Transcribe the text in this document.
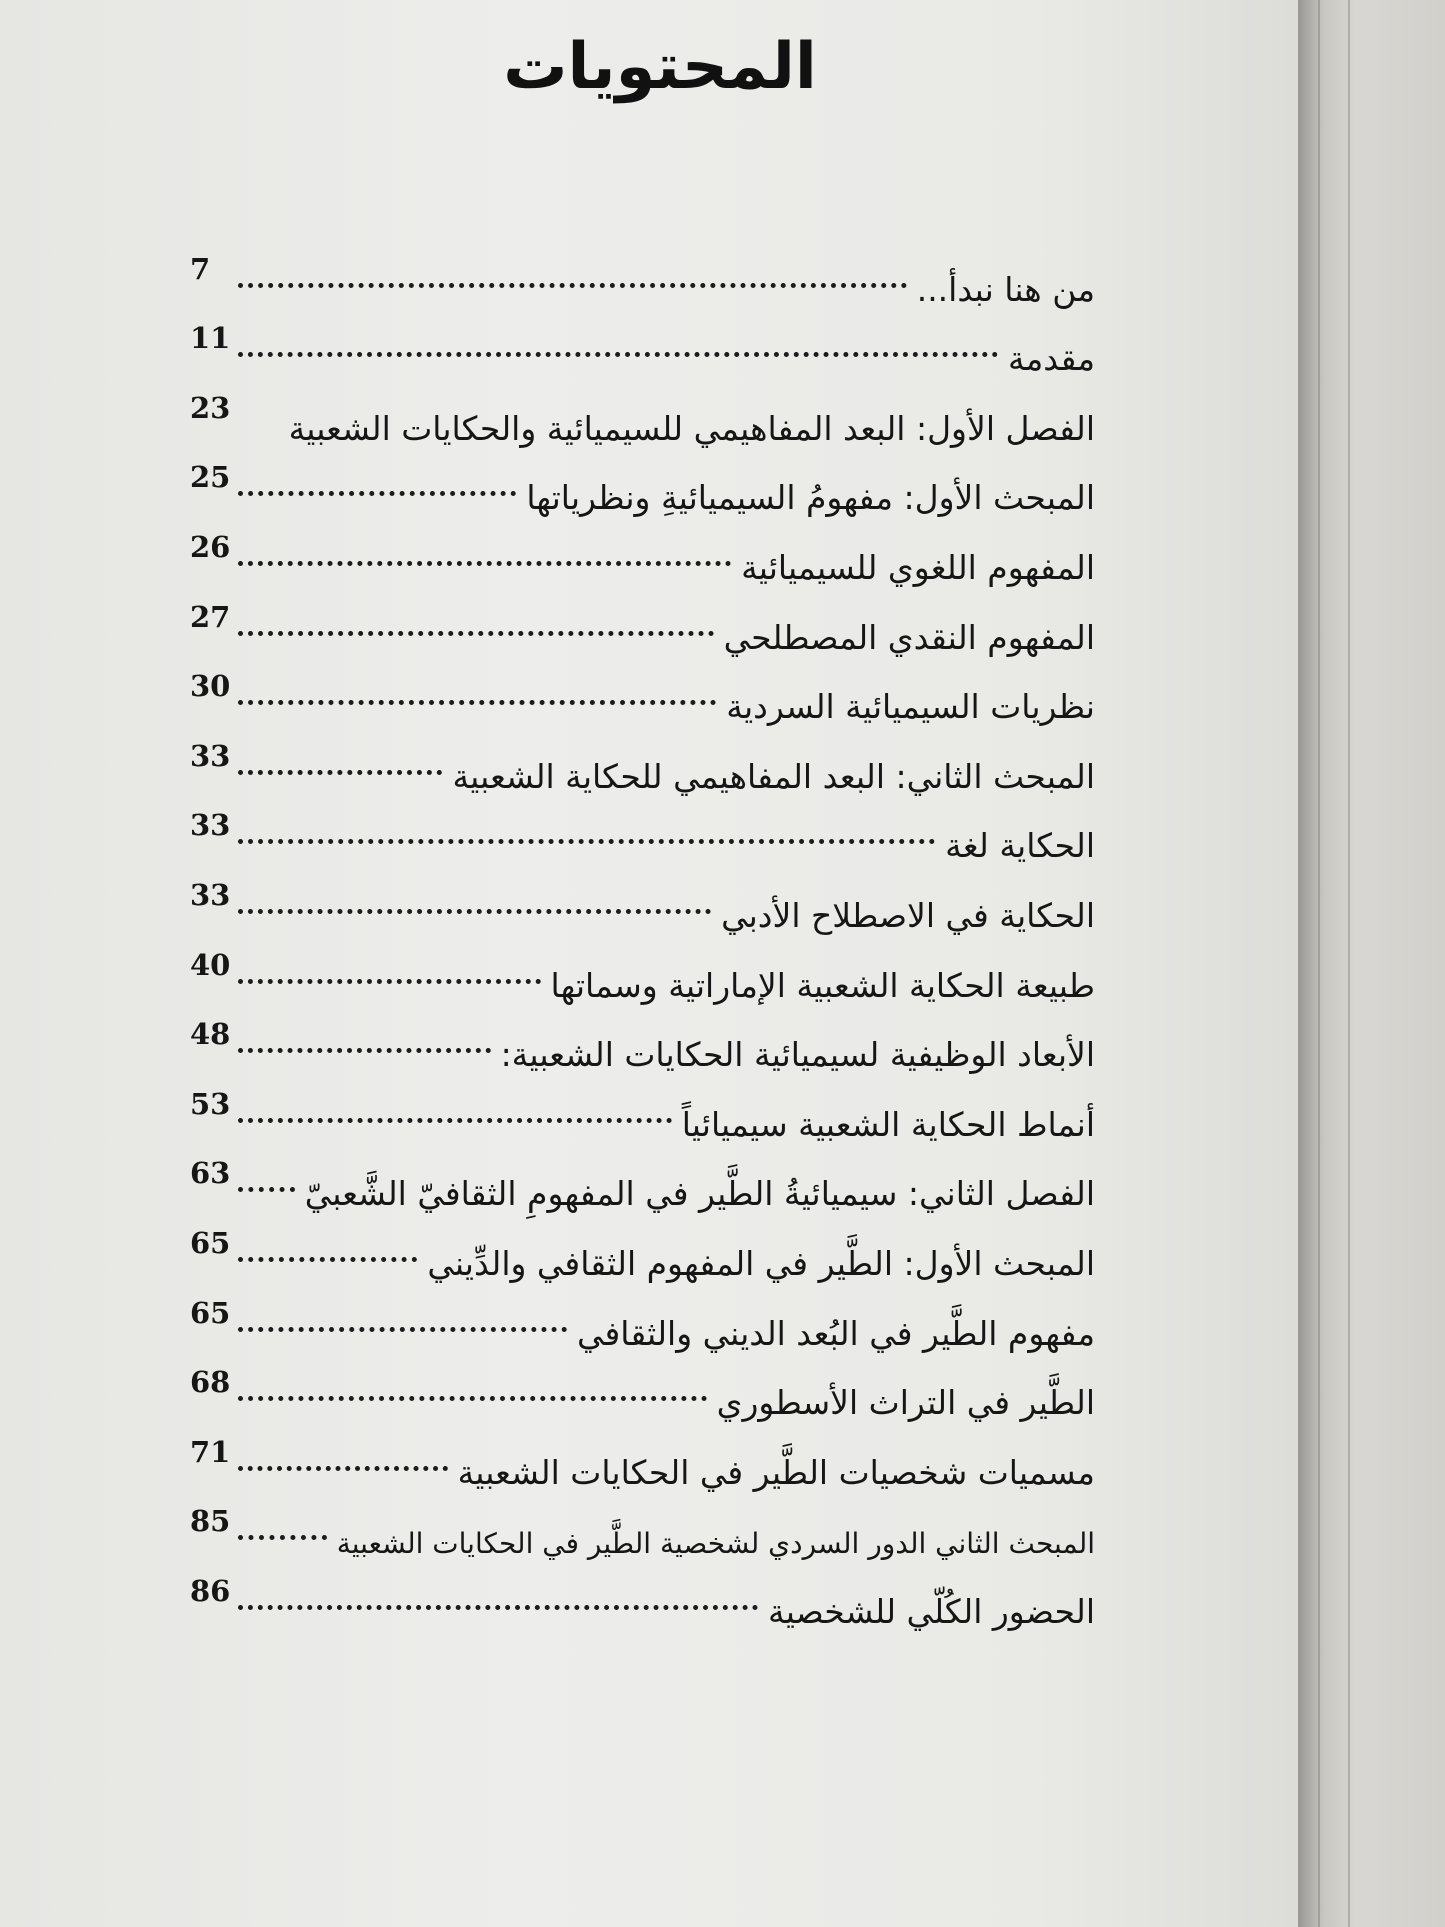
المحتويات
من هنا نبدأ...
7
مقدمة
11
الفصل الأول: البعد المفاهيمي للسيميائية والحكايات الشعبية
23
المبحث الأول: مفهومُ السيميائيةِ ونظرياتها
25
المفهوم اللغوي للسيميائية
26
المفهوم النقدي المصطلحي
27
نظريات السيميائية السردية
30
المبحث الثاني: البعد المفاهيمي للحكاية الشعبية
33
الحكاية لغة
33
الحكاية في الاصطلاح الأدبي
33
طبيعة الحكاية الشعبية الإماراتية وسماتها
40
الأبعاد الوظيفية لسيميائية الحكايات الشعبية:
48
أنماط الحكاية الشعبية سيميائياً
53
الفصل الثاني: سيميائيةُ الطَّير في المفهومِ الثقافيّ الشَّعبيّ
63
المبحث الأول: الطَّير في المفهوم الثقافي والدِّيني
65
مفهوم الطَّير في البُعد الديني والثقافي
65
الطَّير في التراث الأسطوري
68
مسميات شخصيات الطَّير في الحكايات الشعبية
71
المبحث الثاني الدور السردي لشخصية الطَّير في الحكايات الشعبية
85
الحضور الكُلّي للشخصية
86
